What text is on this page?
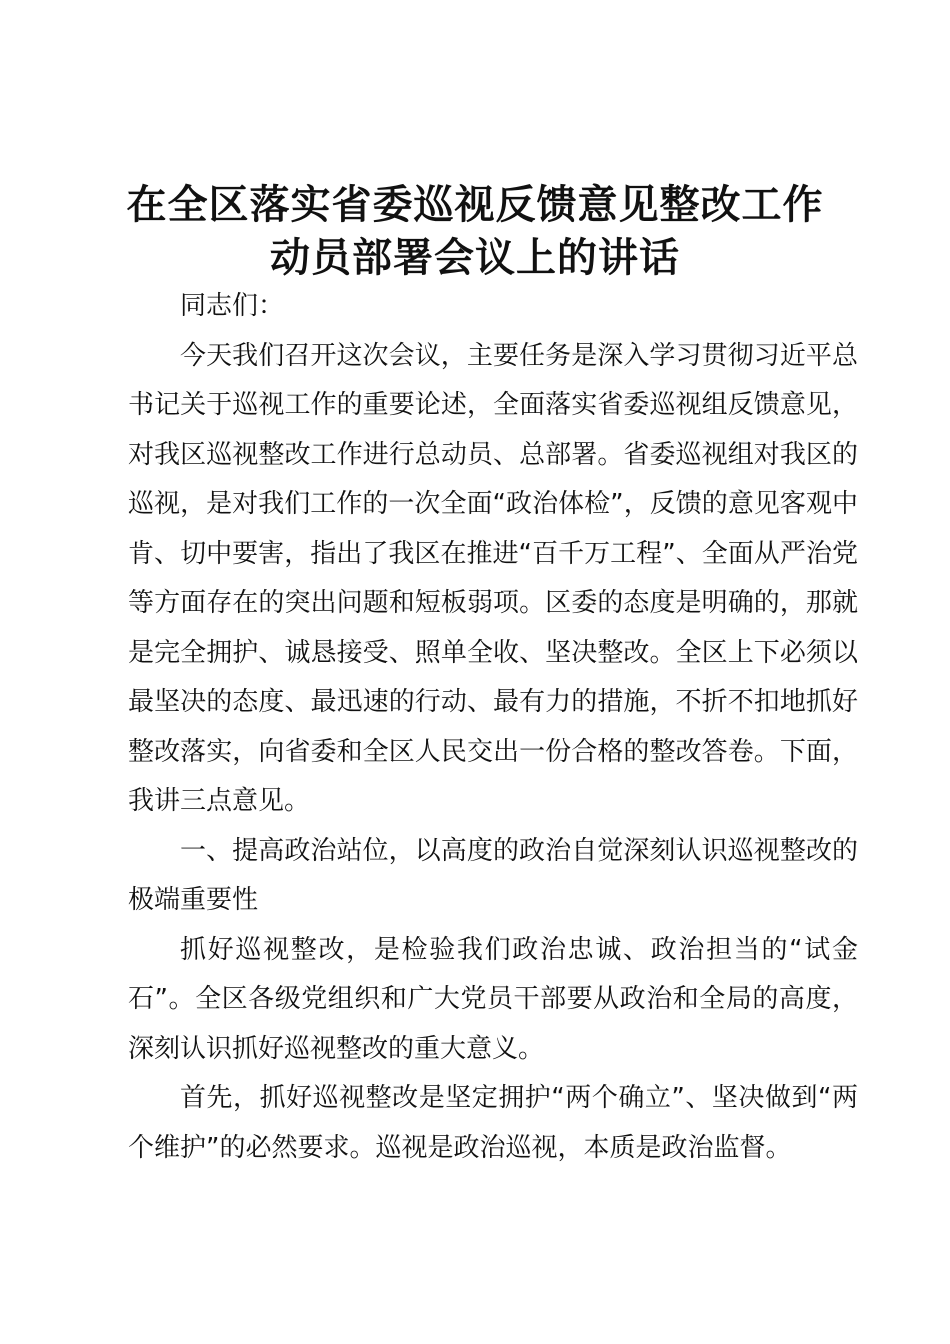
在全区落实省委巡视反馈意见整改工作
动员部署会议上的讲话

同志们：

今天我们召开这次会议，主要任务是深入学习贯彻习近平总书记关于巡视工作的重要论述，全面落实省委巡视组反馈意见，对我区巡视整改工作进行总动员、总部署。省委巡视组对我区的巡视，是对我们工作的一次全面“政治体检”，反馈的意见客观中肯、切中要害，指出了我区在推进“百千万工程”、全面从严治党等方面存在的突出问题和短板弱项。区委的态度是明确的，那就是完全拥护、诚恳接受、照单全收、坚决整改。全区上下必须以最坚决的态度、最迅速的行动、最有力的措施，不折不扣地抓好整改落实，向省委和全区人民交出一份合格的整改答卷。下面，我讲三点意见。

一、提高政治站位，以高度的政治自觉深刻认识巡视整改的极端重要性

抓好巡视整改，是检验我们政治忠诚、政治担当的“试金石”。全区各级党组织和广大党员干部要从政治和全局的高度，深刻认识抓好巡视整改的重大意义。

首先，抓好巡视整改是坚定拥护“两个确立”、坚决做到“两个维护”的必然要求。巡视是政治巡视，本质是政治监督。
